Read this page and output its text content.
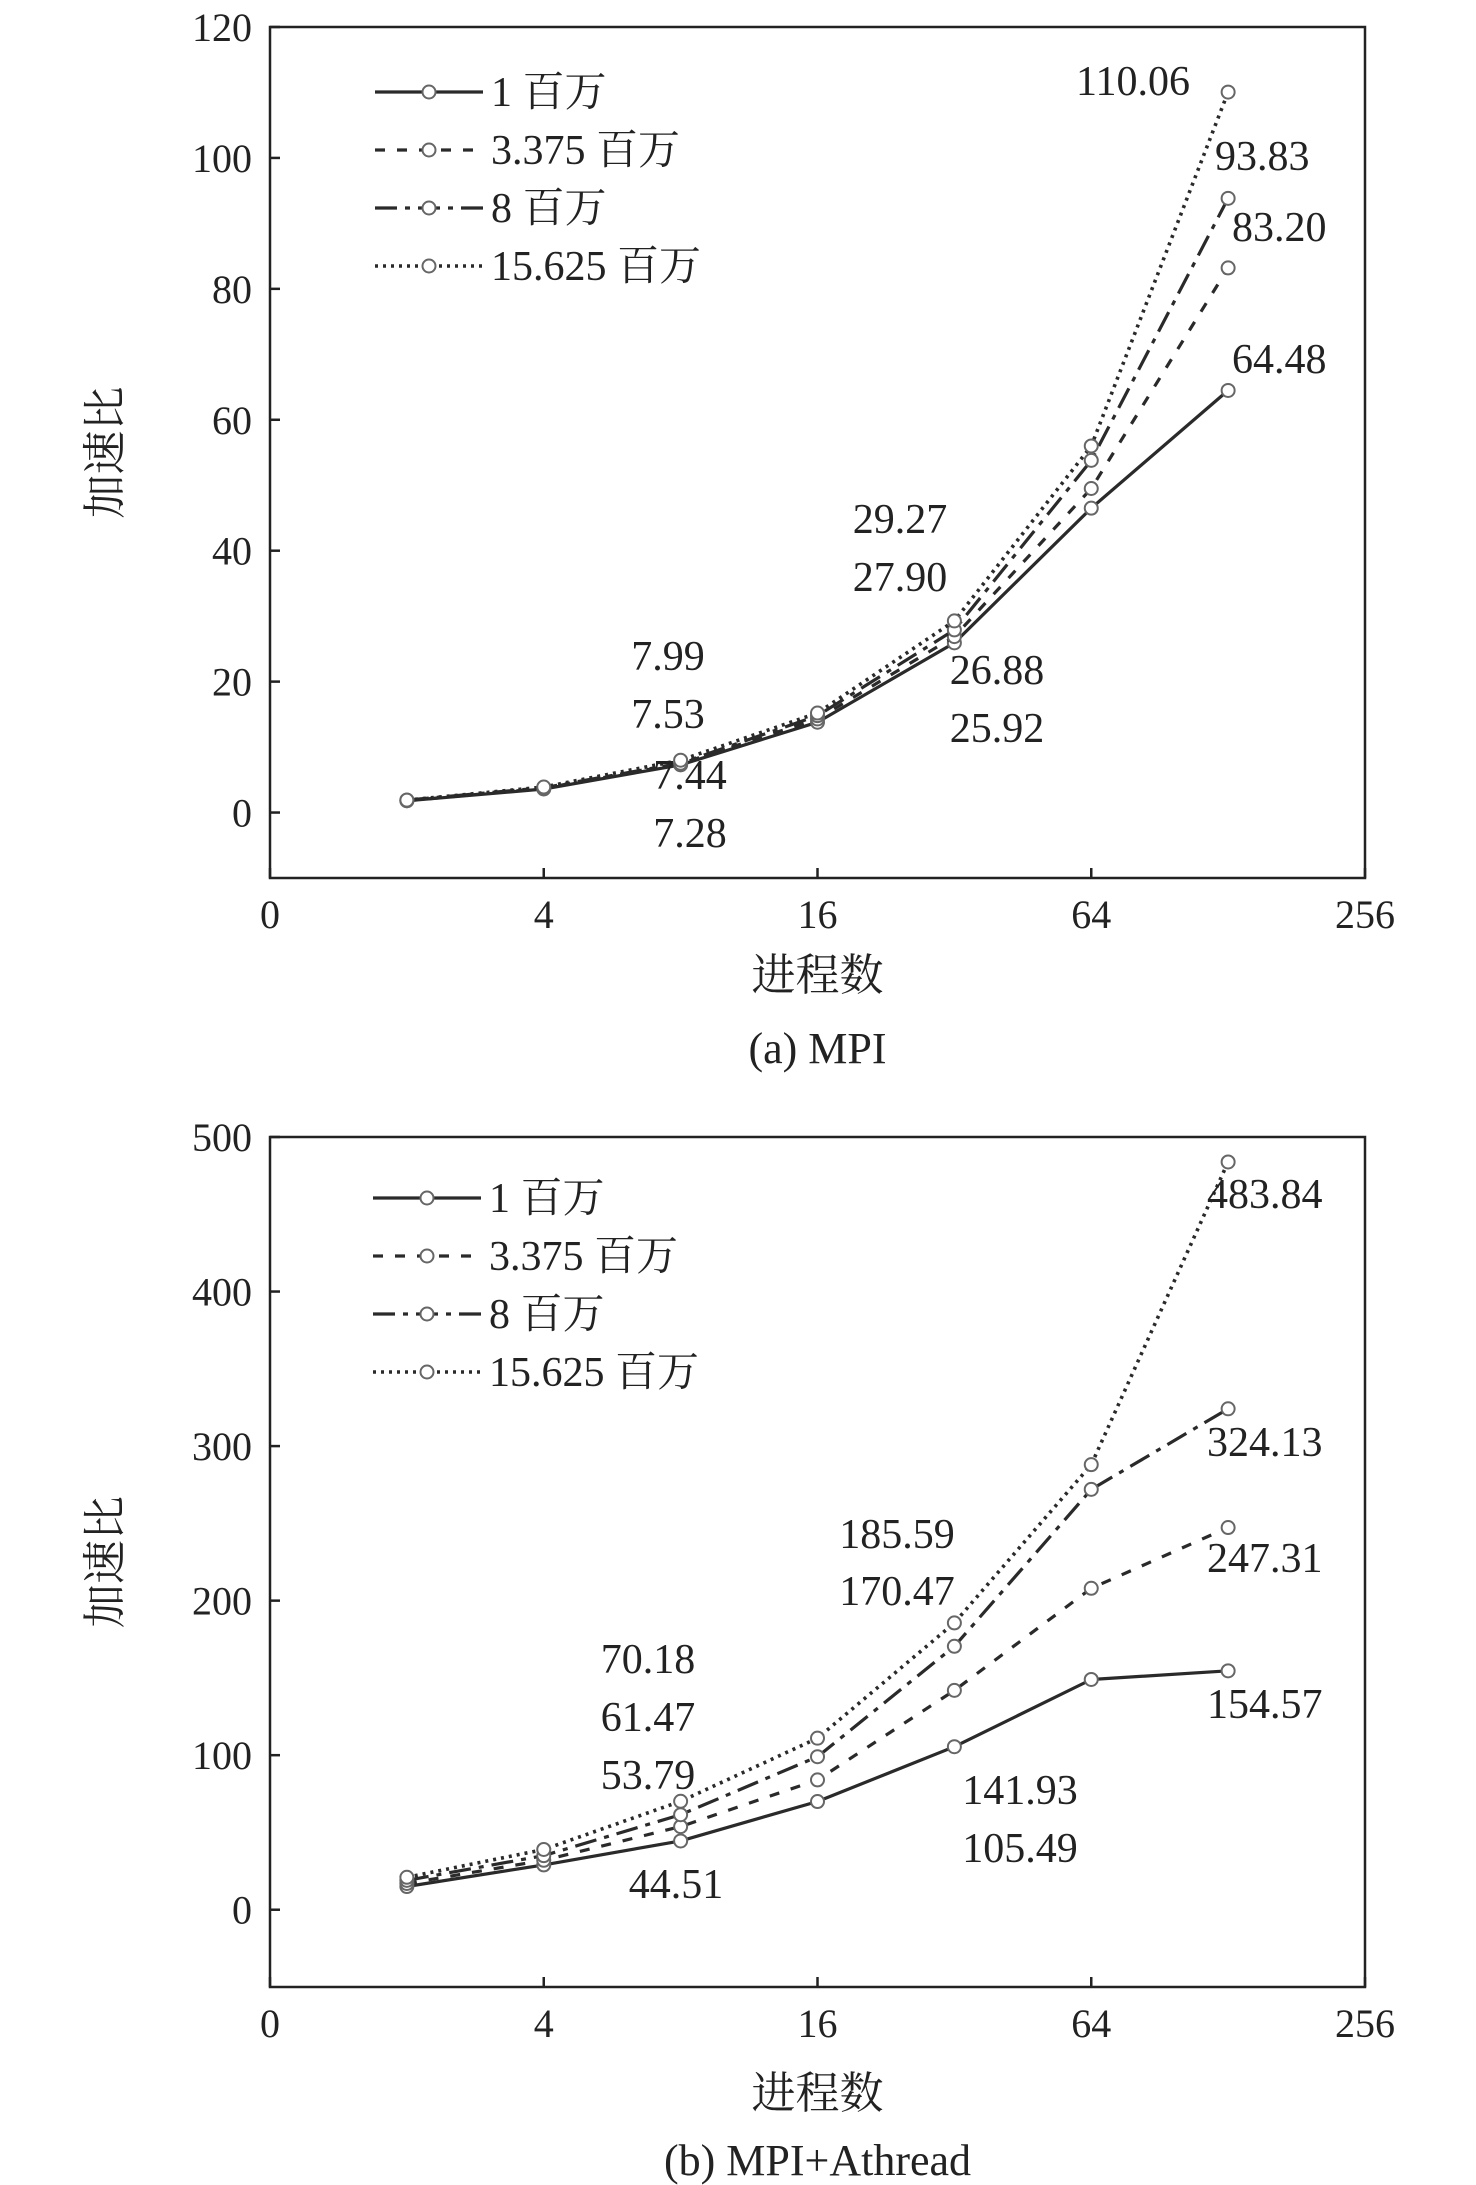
0
20
40
60
80
100
120
0	4	16	64	256
进程数
加速比
(a) MPI
1 百万
3.375 百万
8 百万
15.625 百万
7.99
7.53
7.44
7.28
29.27
27.90
26.88
25.92
110.06
93.83
83.20
64.48
0
100
200
300
400
500
0	4	16	64	256
进程数
加速比
(b) MPI+Athread
1 百万
3.375 百万
8 百万
15.625 百万
70.18
61.47
53.79
44.51
185.59
170.47
141.93
105.49
483.84
324.13
247.31
154.57
